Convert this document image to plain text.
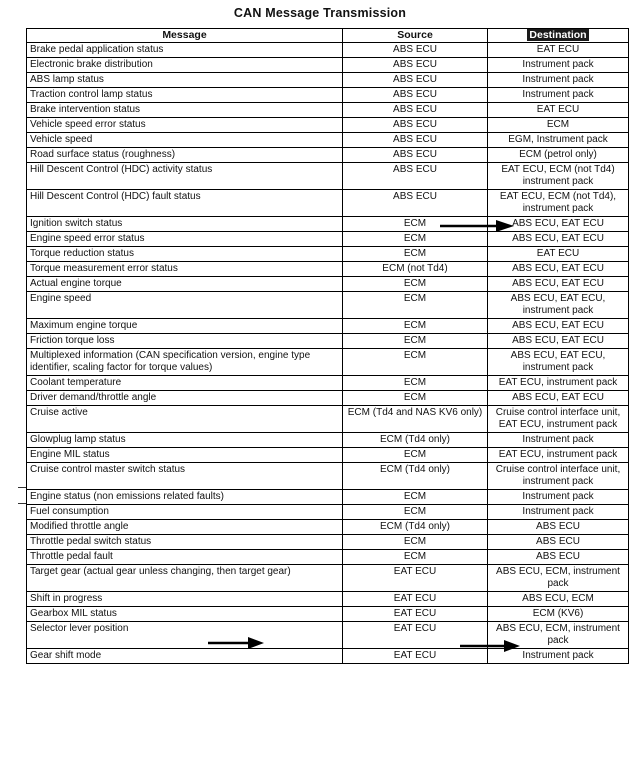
CAN Message Transmission
Message	Source	Destination
Brake pedal application status	ABS ECU	EAT ECU
Electronic brake distribution	ABS ECU	Instrument pack
ABS lamp status	ABS ECU	Instrument pack
Traction control lamp status	ABS ECU	Instrument pack
Brake intervention status	ABS ECU	EAT ECU
Vehicle speed error status	ABS ECU	ECM
Vehicle speed	ABS ECU	EGM, Instrument pack
Road surface status (roughness)	ABS ECU	ECM (petrol only)
Hill Descent Control (HDC) activity status	ABS ECU	EAT ECU, ECM (not Td4) instrument pack
Hill Descent Control (HDC) fault status	ABS ECU	EAT ECU, ECM (not Td4), instrument pack
Ignition switch status	ECM	ABS ECU, EAT ECU
Engine speed error status	ECM	ABS ECU, EAT ECU
Torque reduction status	ECM	EAT ECU
Torque measurement error status	ECM (not Td4)	ABS ECU, EAT ECU
Actual engine torque	ECM	ABS ECU, EAT ECU
Engine speed	ECM	ABS ECU, EAT ECU, instrument pack
Maximum engine torque	ECM	ABS ECU, EAT ECU
Friction torque loss	ECM	ABS ECU, EAT ECU
Multiplexed information (CAN specification version, engine type identifier, scaling factor for torque values)	ECM	ABS ECU, EAT ECU, instrument pack
Coolant temperature	ECM	EAT ECU, instrument pack
Driver demand/throttle angle	ECM	ABS ECU, EAT ECU
Cruise active	ECM (Td4 and NAS KV6 only)	Cruise control interface unit, EAT ECU, instrument pack
Glowplug lamp status	ECM (Td4 only)	Instrument pack
Engine MIL status	ECM	EAT ECU, instrument pack
Cruise control master switch status	ECM (Td4 only)	Cruise control interface unit, instrument pack
Engine status (non emissions related faults)	ECM	Instrument pack
Fuel consumption	ECM	Instrument pack
Modified throttle angle	ECM (Td4 only)	ABS ECU
Throttle pedal switch status	ECM	ABS ECU
Throttle pedal fault	ECM	ABS ECU
Target gear (actual gear unless changing, then target gear)	EAT ECU	ABS ECU, ECM, instrument pack
Shift in progress	EAT ECU	ABS ECU, ECM
Gearbox MIL status	EAT ECU	ECM (KV6)
Selector lever position	EAT ECU	ABS ECU, ECM, instrument pack
Gear shift mode	EAT ECU	Instrument pack
